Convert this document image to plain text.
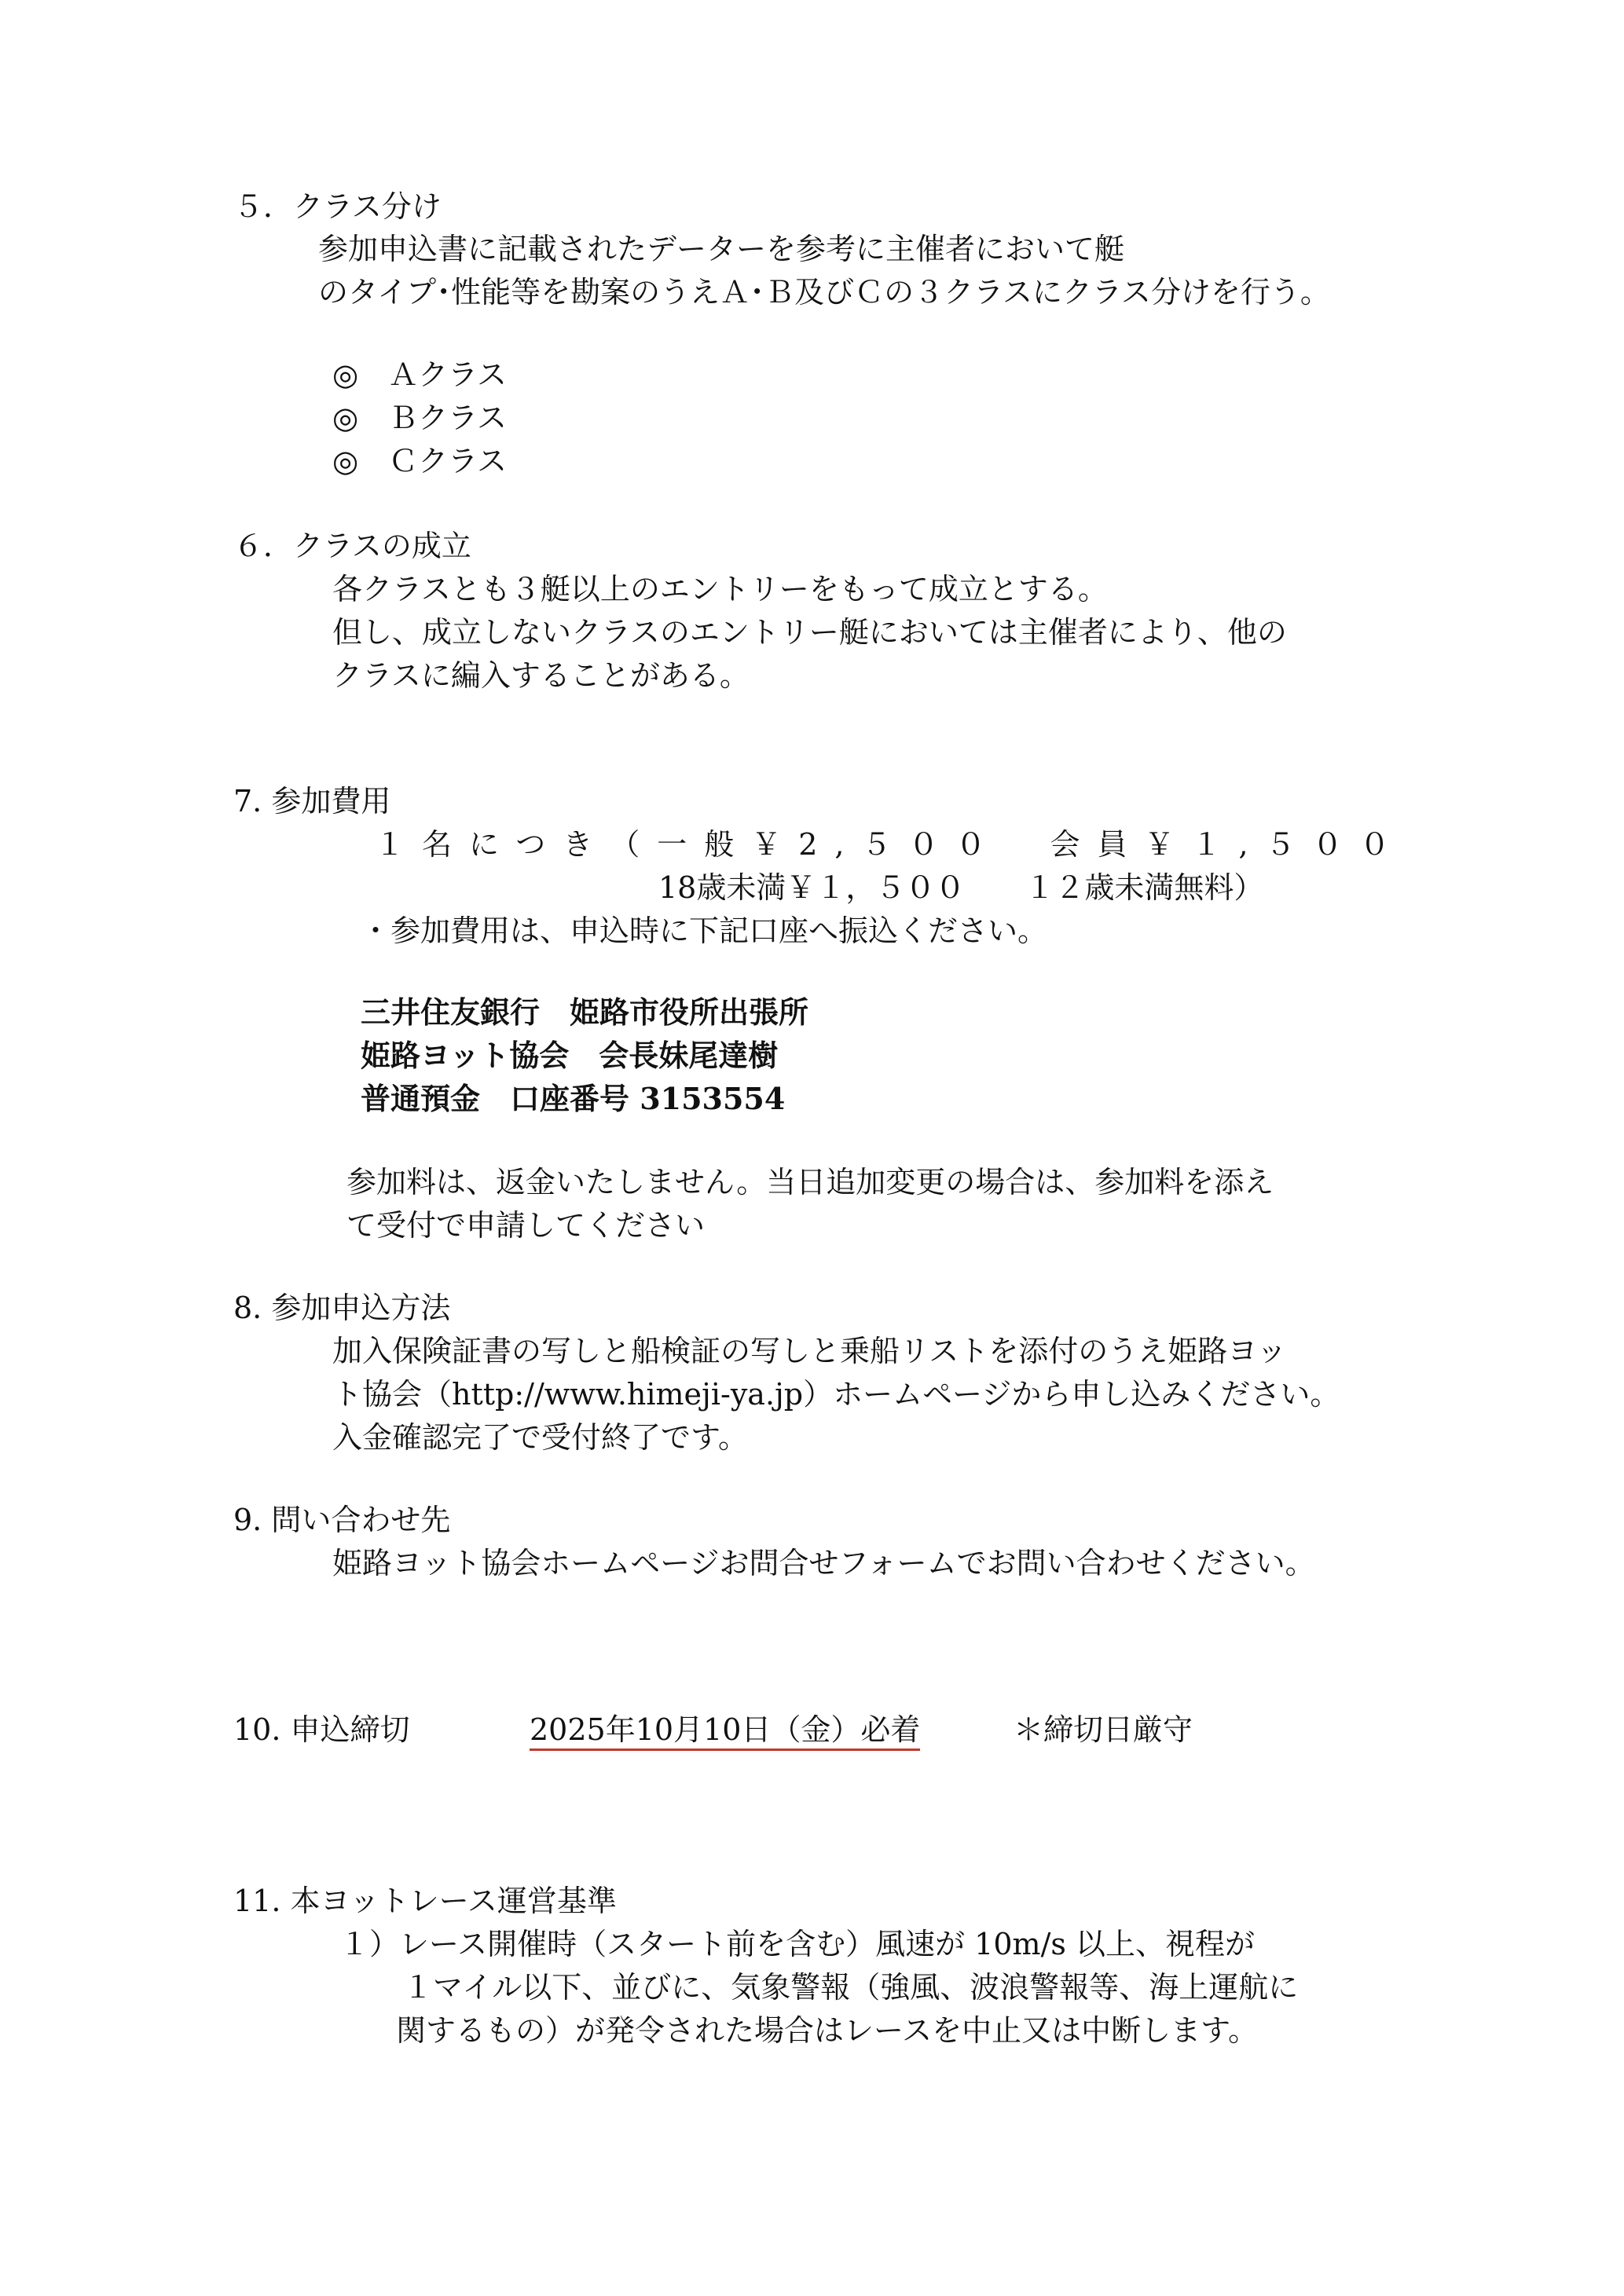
５．クラス分け

参加申込書に記載されたデーターを参考に主催者において艇

のタイプ･性能等を勘案のうえＡ･Ｂ及びＣの３クラスにクラス分けを行う。

◎　Ａクラス

◎　Ｂクラス

◎　Ｃクラス

６．クラスの成立

各クラスとも３艇以上のエントリーをもって成立とする。

但し、成立しないクラスのエントリー艇においては主催者により、他の

クラスに編入することがある。

7. 参加費用

１名につき（一般￥2,５００　会員￥１,５００

18歳未満￥１，５００　　１２歳未満無料）

・参加費用は、申込時に下記口座へ振込ください。

三井住友銀行　姫路市役所出張所

姫路ヨット協会　会長妹尾達樹

普通預金　口座番号 3153554

参加料は、返金いたしません。当日追加変更の場合は、参加料を添え

て受付で申請してください

8. 参加申込方法

加入保険証書の写しと船検証の写しと乗船リストを添付のうえ姫路ヨッ

ト協会（http://www.himeji-ya.jp）ホームページから申し込みください。

入金確認完了で受付終了です。

9. 問い合わせ先

姫路ヨット協会ホームページお問合せフォームでお問い合わせください。

10. 申込締切	2025年10月10日（金）必着	＊締切日厳守

11. 本ヨットレース運営基準

１）レース開催時（スタート前を含む）風速が 10m/s 以上、視程が

１マイル以下、並びに、気象警報（強風、波浪警報等、海上運航に

関するもの）が発令された場合はレースを中止又は中断します。
